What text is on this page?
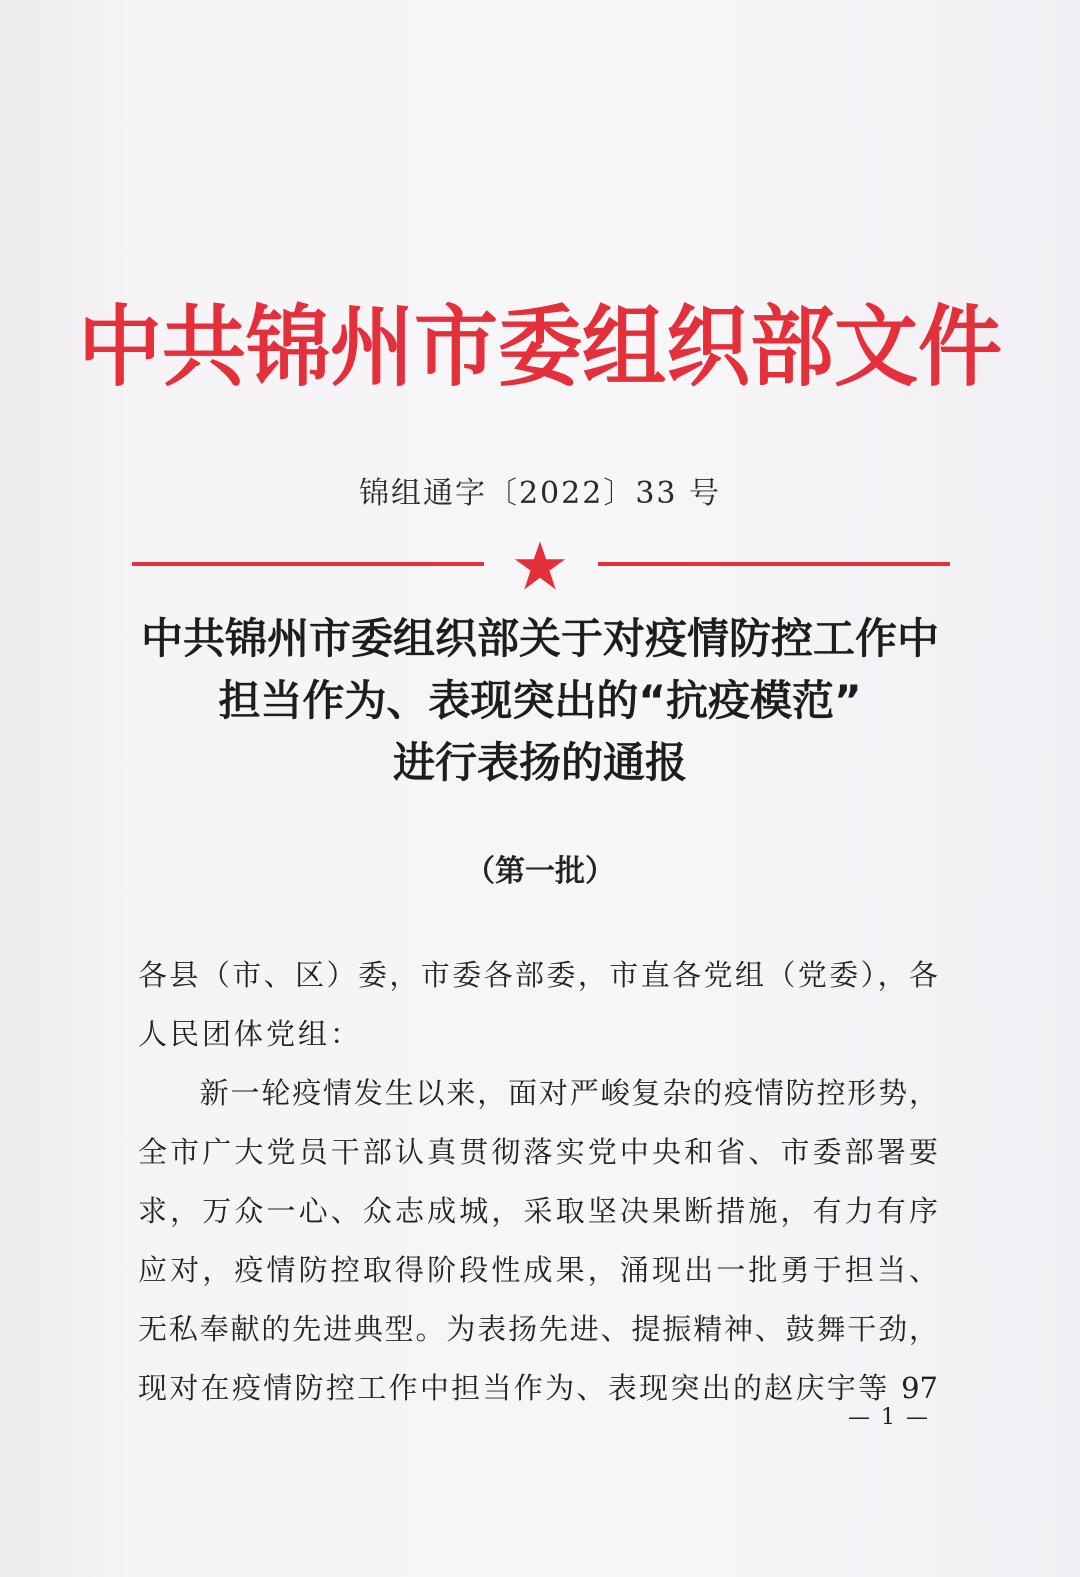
中共锦州市委组织部文件
锦组通字〔2022〕33 号
中共锦州市委组织部关于对疫情防控工作中
担当作为、表现突出的“抗疫模范”
进行表扬的通报
（第一批）
各县（市、区）委，市委各部委，市直各党组（党委），各
人民团体党组：
　　新一轮疫情发生以来，面对严峻复杂的疫情防控形势，
全市广大党员干部认真贯彻落实党中央和省、市委部署要
求，万众一心、众志成城，采取坚决果断措施，有力有序
应对，疫情防控取得阶段性成果，涌现出一批勇于担当、
无私奉献的先进典型。为表扬先进、提振精神、鼓舞干劲，
现对在疫情防控工作中担当作为、表现突出的赵庆宇等 97
— 1 —
